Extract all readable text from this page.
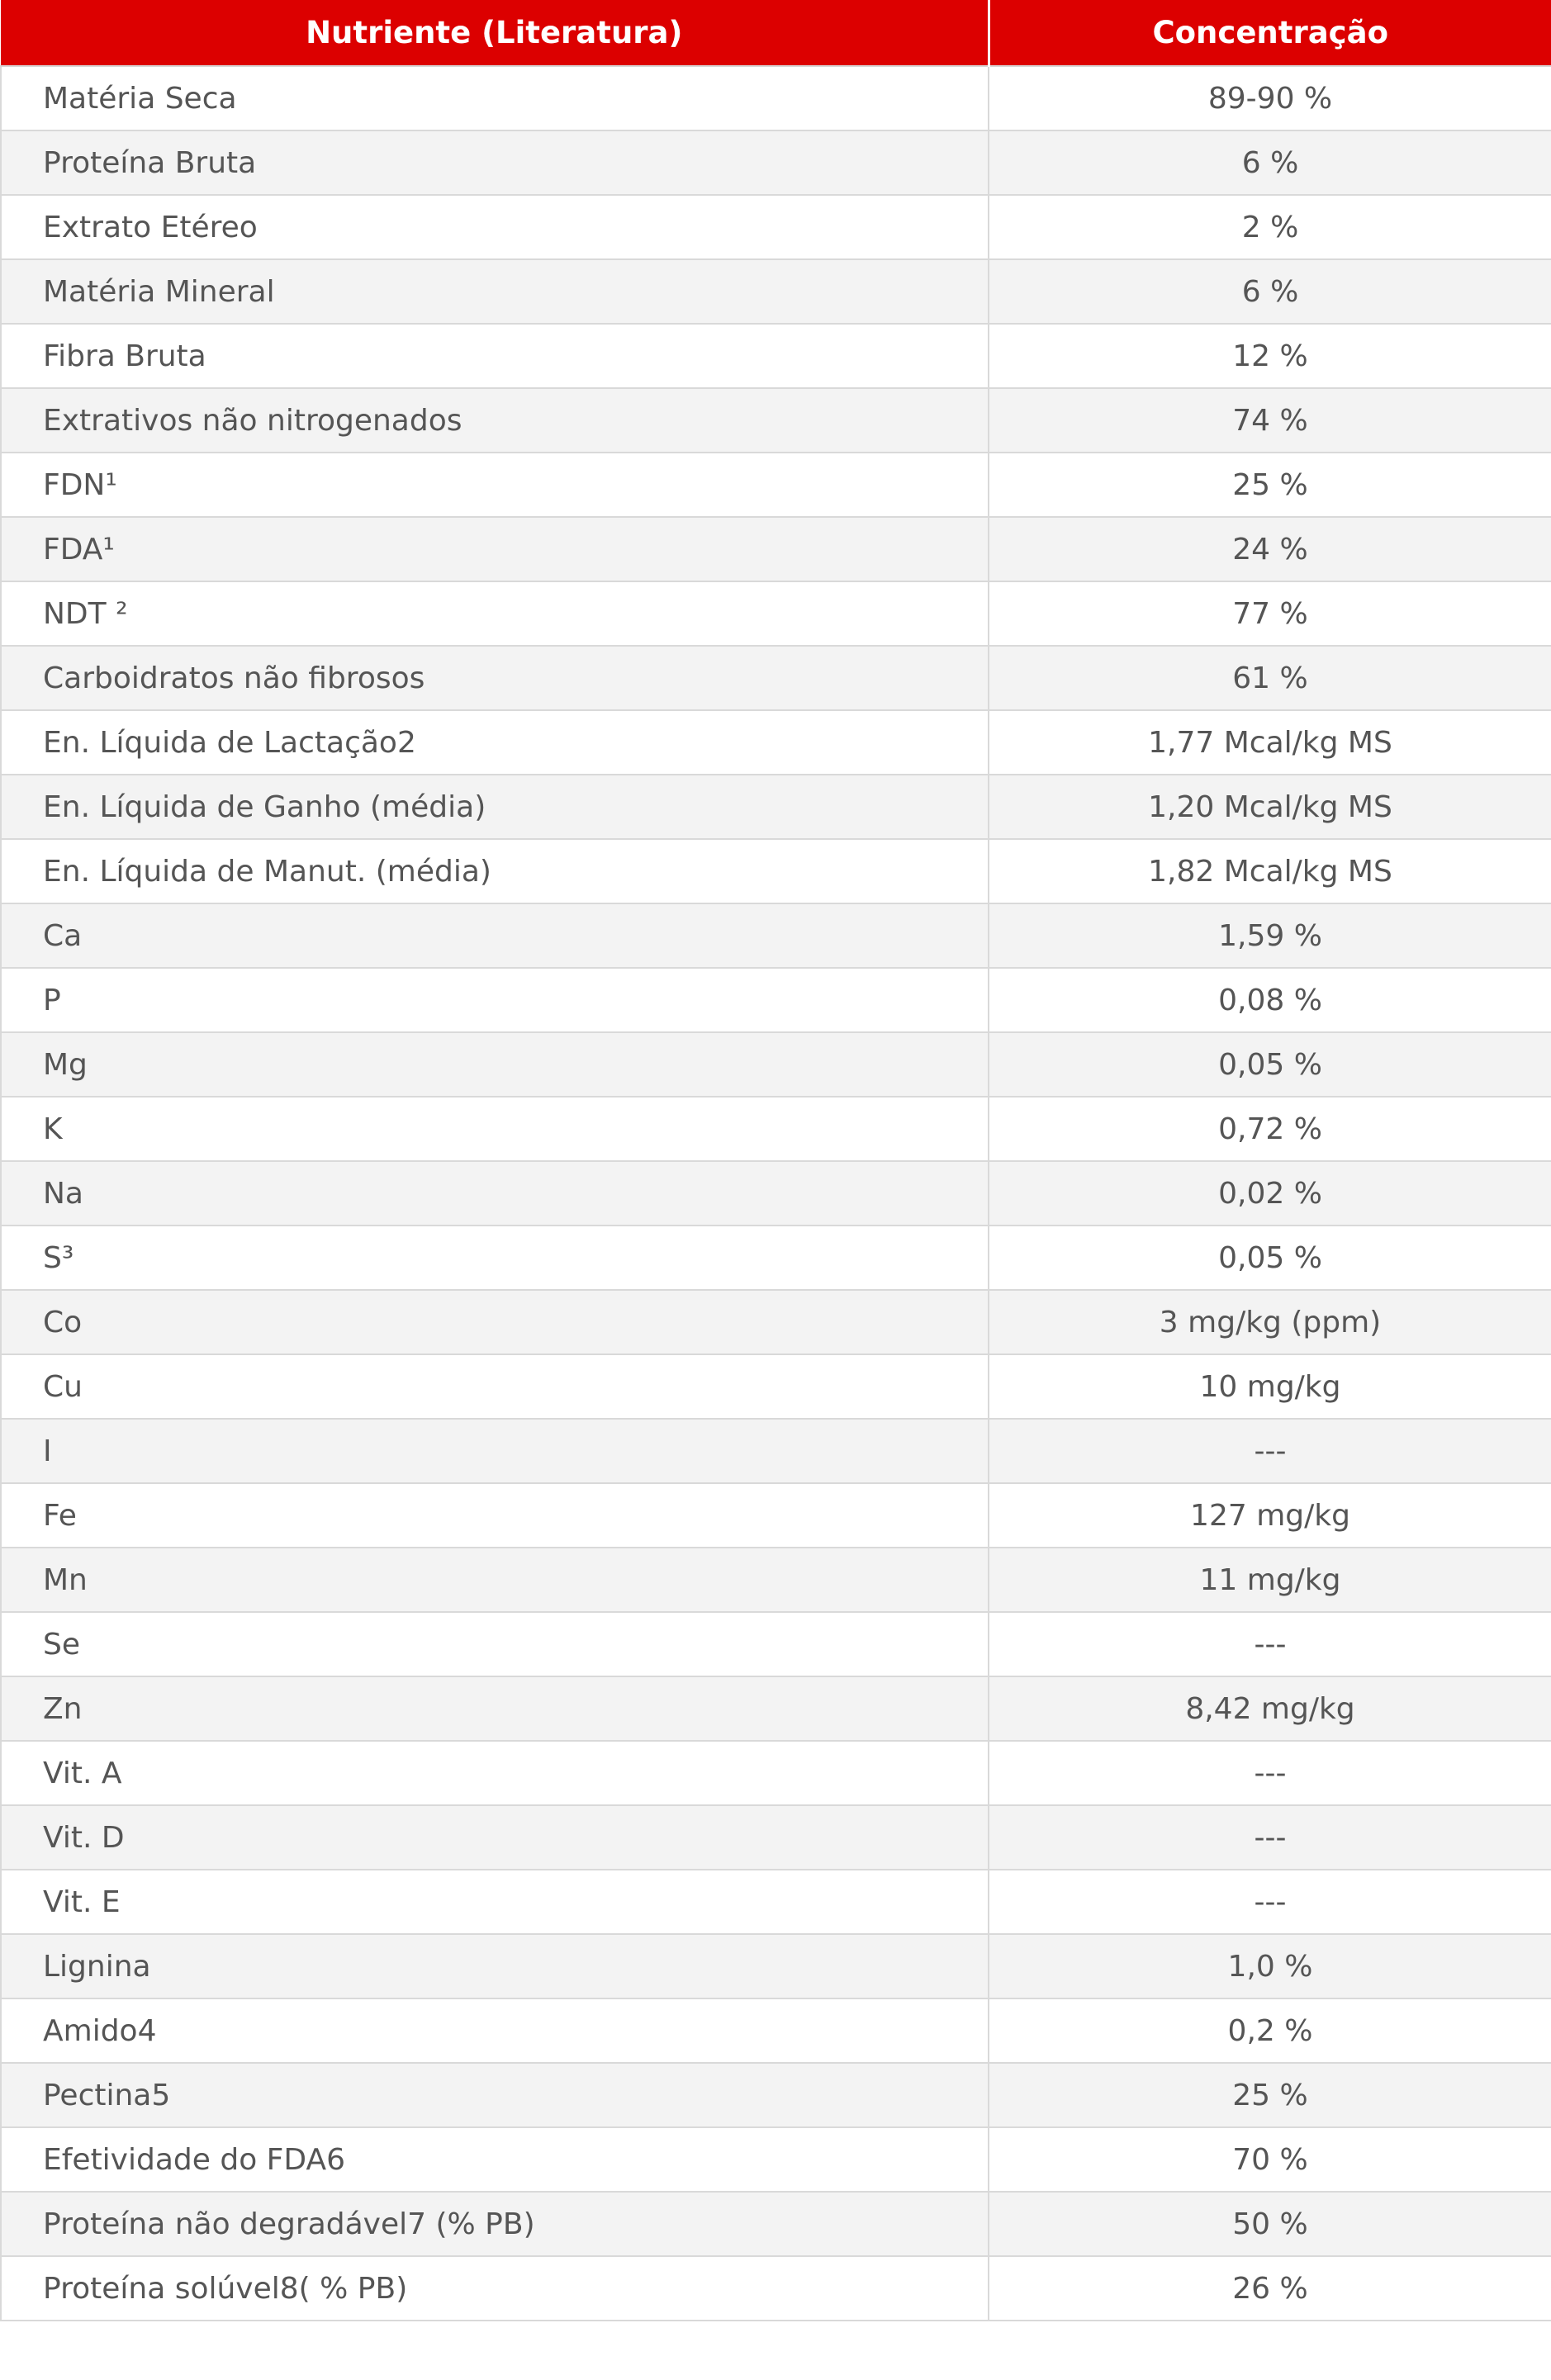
Nutriente (Literatura)	Concentração
Matéria Seca	89-90 %
Proteína Bruta	6 %
Extrato Etéreo	2 %
Matéria Mineral	6 %
Fibra Bruta	12 %
Extrativos não nitrogenados	74 %
FDN¹	25 %
FDA¹	24 %
NDT ²	77 %
Carboidratos não fibrosos	61 %
En. Líquida de Lactação2	1,77 Mcal/kg MS
En. Líquida de Ganho (média)	1,20 Mcal/kg MS
En. Líquida de Manut. (média)	1,82 Mcal/kg MS
Ca	1,59 %
P	0,08 %
Mg	0,05 %
K	0,72 %
Na	0,02 %
S³	0,05 %
Co	3 mg/kg (ppm)
Cu	10 mg/kg
I	---
Fe	127 mg/kg
Mn	11 mg/kg
Se	---
Zn	8,42 mg/kg
Vit. A	---
Vit. D	---
Vit. E	---
Lignina	1,0 %
Amido4	0,2 %
Pectina5	25 %
Efetividade do FDA6	70 %
Proteína não degradável7 (% PB)	50 %
Proteína solúvel8( % PB)	26 %
